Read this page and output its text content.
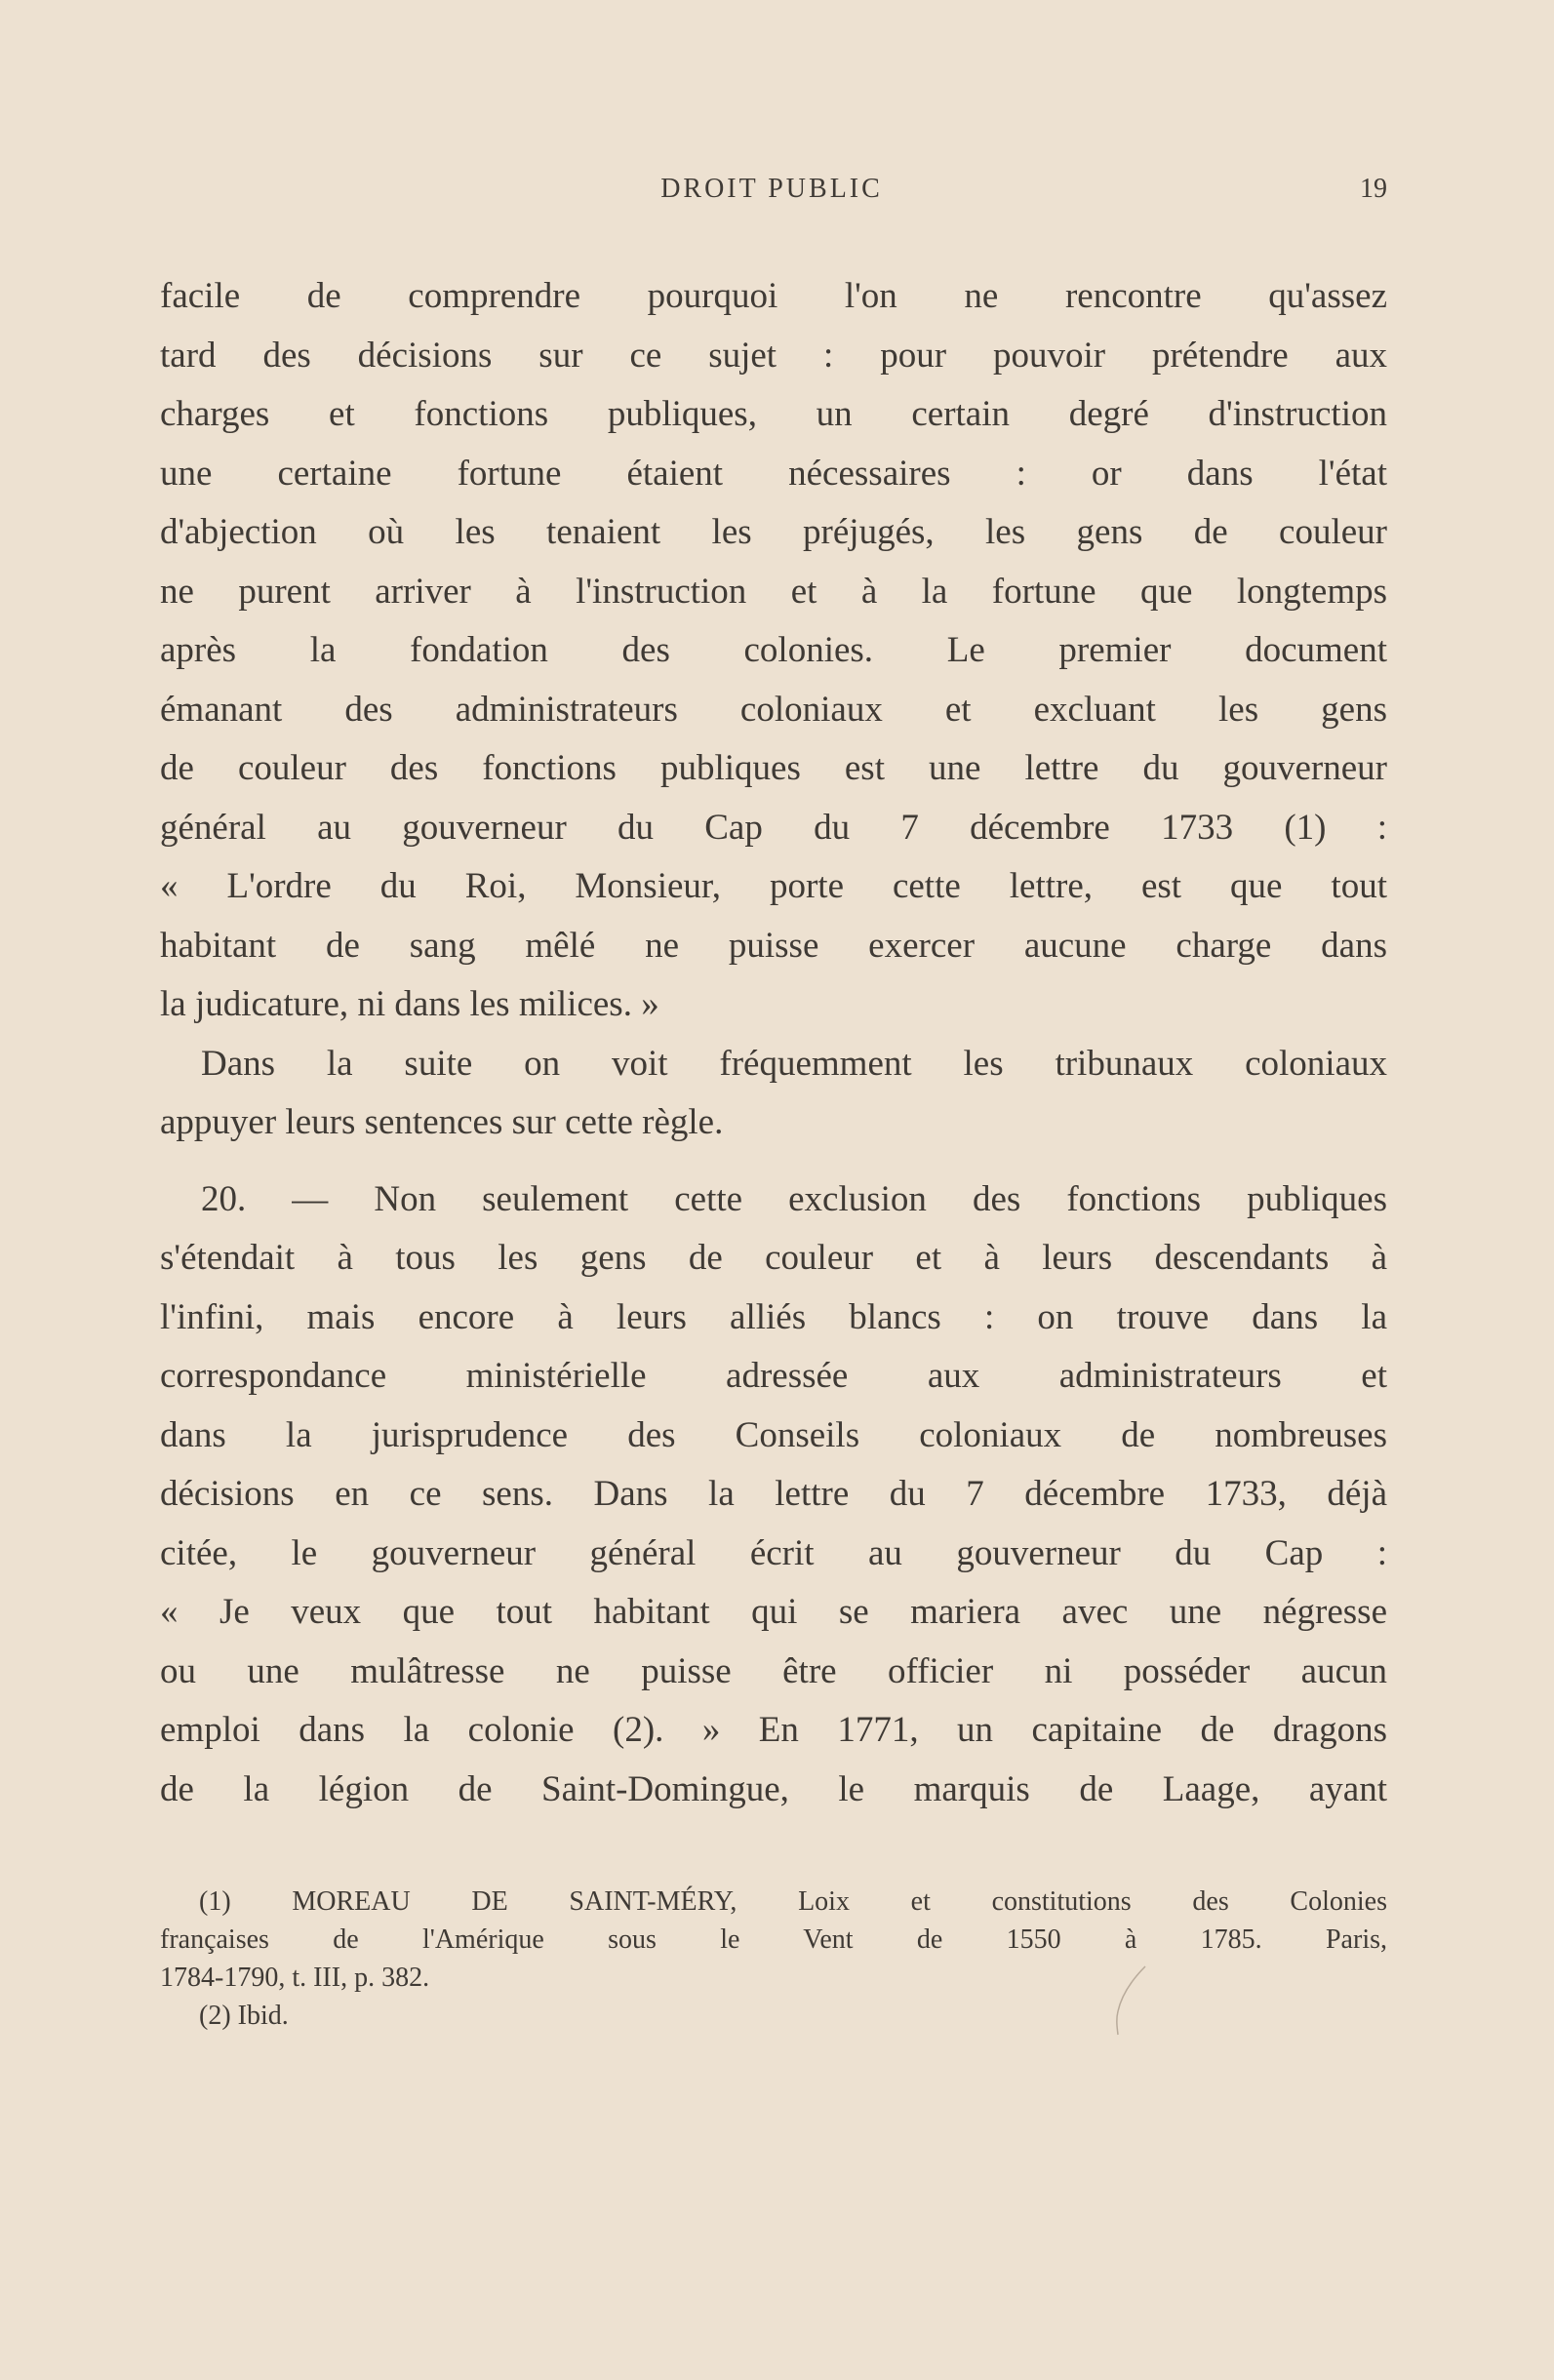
DROIT PUBLIC	19
facile de comprendre pourquoi l'on ne rencontre qu'assez
tard des décisions sur ce sujet : pour pouvoir prétendre aux
charges et fonctions publiques, un certain degré d'instruction
une certaine fortune étaient nécessaires : or dans l'état
d'abjection où les tenaient les préjugés, les gens de couleur
ne purent arriver à l'instruction et à la fortune que longtemps
après la fondation des colonies. Le premier document
émanant des administrateurs coloniaux et excluant les gens
de couleur des fonctions publiques est une lettre du gouverneur
général au gouverneur du Cap du 7 décembre 1733 (1) :
« L'ordre du Roi, Monsieur, porte cette lettre, est que tout
habitant de sang mêlé ne puisse exercer aucune charge dans
la judicature, ni dans les milices. »
Dans la suite on voit fréquemment les tribunaux coloniaux
appuyer leurs sentences sur cette règle.
20. — Non seulement cette exclusion des fonctions publiques
s'étendait à tous les gens de couleur et à leurs descendants à
l'infini, mais encore à leurs alliés blancs : on trouve dans la
correspondance ministérielle adressée aux administrateurs et
dans la jurisprudence des Conseils coloniaux de nombreuses
décisions en ce sens. Dans la lettre du 7 décembre 1733, déjà
citée, le gouverneur général écrit au gouverneur du Cap :
« Je veux que tout habitant qui se mariera avec une négresse
ou une mulâtresse ne puisse être officier ni posséder aucun
emploi dans la colonie (2). » En 1771, un capitaine de dragons
de la légion de Saint-Domingue, le marquis de Laage, ayant
(1) MOREAU DE SAINT-MÉRY, Loix et constitutions des Colonies
françaises de l'Amérique sous le Vent de 1550 à 1785. Paris,
1784-1790, t. III, p. 382.
(2) Ibid.
